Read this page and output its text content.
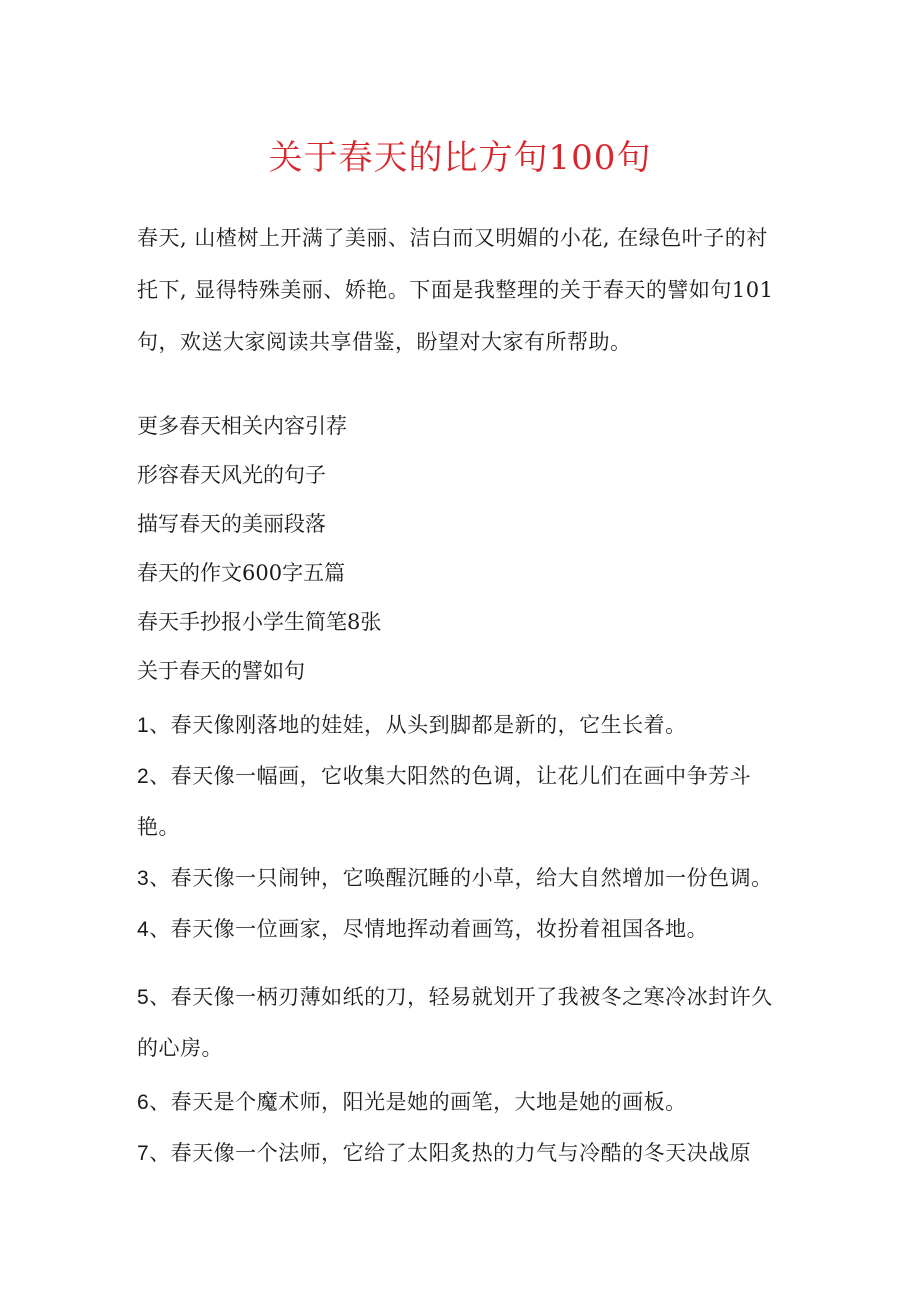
关于春天的比方句100句

春天, 山楂树上开满了美丽、洁白而又明媚的小花, 在绿色叶子的衬

托下, 显得特殊美丽、娇艳。下面是我整理的关于春天的譬如句101

句，欢送大家阅读共享借鉴，盼望对大家有所帮助。

更多春天相关内容引荐
形容春天风光的句子
描写春天的美丽段落
春天的作文600字五篇
春天手抄报小学生简笔8张
关于春天的譬如句
1、春天像刚落地的娃娃，从头到脚都是新的，它生长着。
2、春天像一幅画，它收集大阳然的色调，让花儿们在画中争芳斗
艳。
3、春天像一只闹钟，它唤醒沉睡的小草，给大自然增加一份色调。
4、春天像一位画家，尽情地挥动着画笃，妆扮着祖国各地。
5、春天像一柄刃薄如纸的刀，轻易就划开了我被冬之寒冷冰封许久
的心房。
6、春天是个魔术师，阳光是她的画笔，大地是她的画板。
7、春天像一个法师，它给了太阳炙热的力气与冷酷的冬天决战原
